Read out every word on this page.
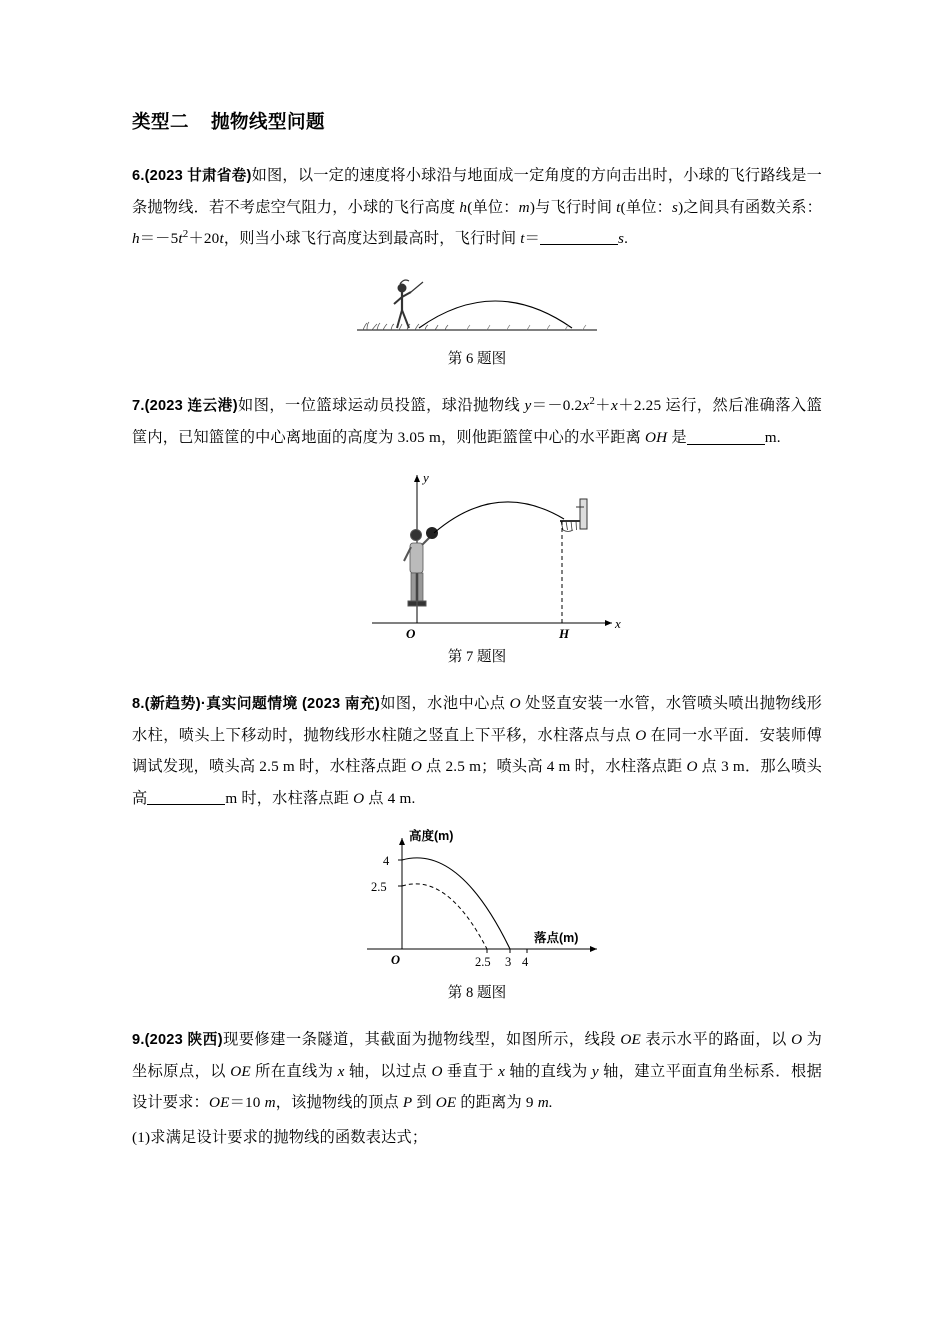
类型二 抛物线型问题

6.(2023 甘肃省卷)如图，以一定的速度将小球沿与地面成一定角度的方向击出时，小球的飞行路线是一条抛物线．若不考虑空气阻力，小球的飞行高度 h(单位：m)与飞行时间 t(单位：s)之间具有函数关系：$h=-5t^2+20t$，则当小球飞行高度达到最高时，飞行时间 t＝	s.

第 6 题图

7.(2023 连云港)如图，一位篮球运动员投篮，球沿抛物线 $y=-0.2x^2+x+2.25$ 运行，然后准确落入篮筐内，已知篮筐的中心离地面的高度为 3.05 m，则他距篮筐中心的水平距离 OH 是	m.

y
x
O	H
第 7 题图

8.(新趋势)·真实问题情境 (2023 南充)如图，水池中心点 O 处竖直安装一水管，水管喷头喷出抛物线形水柱，喷头上下移动时，抛物线形水柱随之竖直上下平移，水柱落点与点 O 在同一水平面．安装师傅调试发现，喷头高 2.5 m 时，水柱落点距 O 点 2.5 m；喷头高 4 m 时，水柱落点距 O 点 3 m．那么喷头高	m 时，水柱落点距 O 点 4 m.

高度(m)
落点(m)
O
4
2.5
2.5 3 4
第 8 题图

9.(2023 陕西)现要修建一条隧道，其截面为抛物线型，如图所示，线段 OE 表示水平的路面，以 O 为坐标原点，以 OE 所在直线为 x 轴，以过点 O 垂直于 x 轴的直线为 y 轴，建立平面直角坐标系．根据设计要求：OE＝10 m，该抛物线的顶点 P 到 OE 的距离为 9 m.

(1)求满足设计要求的抛物线的函数表达式；
